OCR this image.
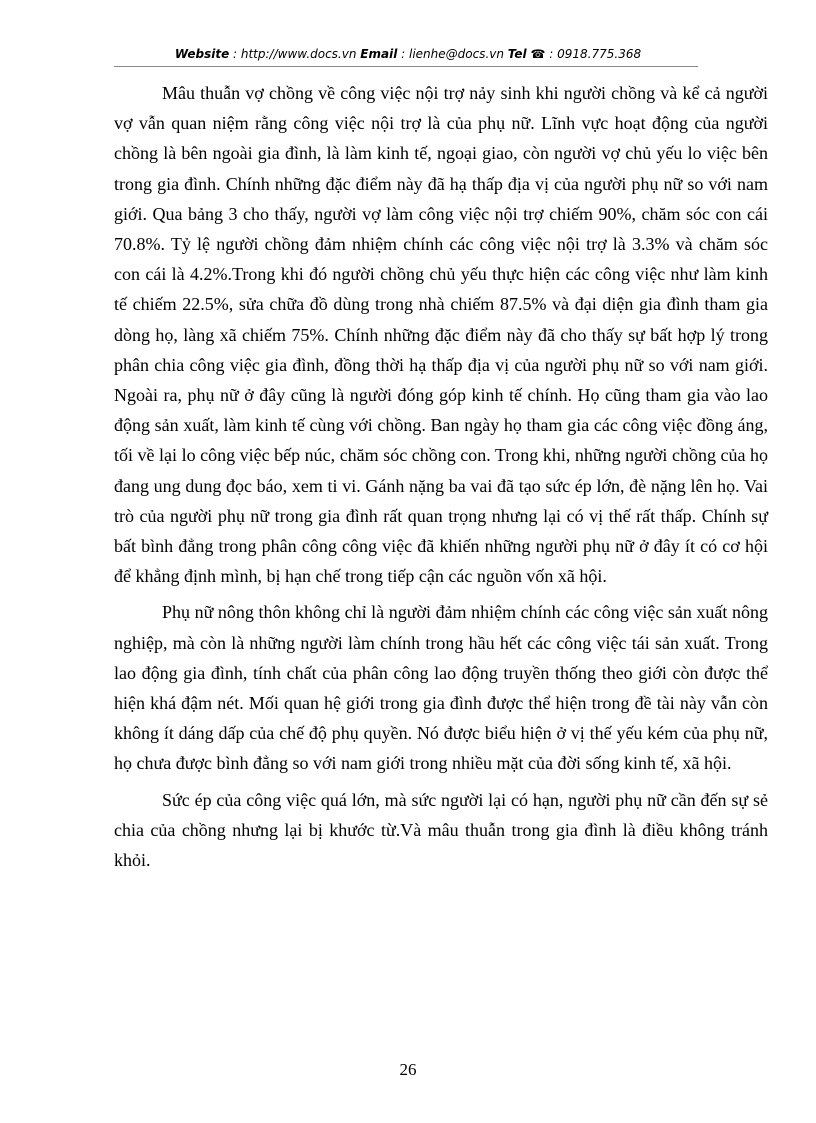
Website : http://www.docs.vn Email : lienhe@docs.vn Tel ☎ : 0918.775.368

Mâu thuẫn vợ chồng về công việc nội trợ nảy sinh khi người chồng và kể cả người vợ vẫn quan niệm rằng công việc nội trợ là của phụ nữ. Lĩnh vực hoạt động của người chồng là bên ngoài gia đình, là làm kinh tế, ngoại giao, còn người vợ chủ yếu lo việc bên trong gia đình. Chính những đặc điểm này đã hạ thấp địa vị của người phụ nữ so với nam giới. Qua bảng 3 cho thấy, người vợ làm công việc nội trợ chiếm 90%, chăm sóc con cái 70.8%. Tỷ lệ người chồng đảm nhiệm chính các công việc nội trợ là 3.3% và chăm sóc con cái là 4.2%.Trong khi đó người chồng chủ yếu thực hiện các công việc như làm kinh tế chiếm 22.5%, sửa chữa đồ dùng trong nhà chiếm 87.5% và đại diện gia đình tham gia dòng họ, làng xã chiếm 75%. Chính những đặc điểm này đã cho thấy sự bất hợp lý trong phân chia công việc gia đình, đồng thời hạ thấp địa vị của người phụ nữ so với nam giới. Ngoài ra, phụ nữ ở đây cũng là người đóng góp kinh tế chính. Họ cũng tham gia vào lao động sản xuất, làm kinh tế cùng với chồng. Ban ngày họ tham gia các công việc đồng áng, tối về lại lo công việc bếp núc, chăm sóc chồng con. Trong khi, những người chồng của họ đang ung dung đọc báo, xem ti vi. Gánh nặng ba vai đã tạo sức ép lớn, đè nặng lên họ. Vai trò của người phụ nữ trong gia đình rất quan trọng nhưng lại có vị thế rất thấp. Chính sự bất bình đẳng trong phân công công việc đã khiến những người phụ nữ ở đây ít có cơ hội để khẳng định mình, bị hạn chế trong tiếp cận các nguồn vốn xã hội.

Phụ nữ nông thôn không chỉ là người đảm nhiệm chính các công việc sản xuất nông nghiệp, mà còn là những người làm chính trong hầu hết các công việc tái sản xuất. Trong lao động gia đình, tính chất của phân công lao động truyền thống theo giới còn được thể hiện khá đậm nét. Mối quan hệ giới trong gia đình được thể hiện trong đề tài này vẫn còn không ít dáng dấp của chế độ phụ quyền. Nó được biểu hiện ở vị thế yếu kém của phụ nữ, họ chưa được bình đẳng so với nam giới trong nhiều mặt của đời sống kinh tế, xã hội.

Sức ép của công việc quá lớn, mà sức người lại có hạn, người phụ nữ cần đến sự sẻ chia của chồng nhưng lại bị khước từ.Và mâu thuẫn trong gia đình là điều không tránh khỏi.

26
